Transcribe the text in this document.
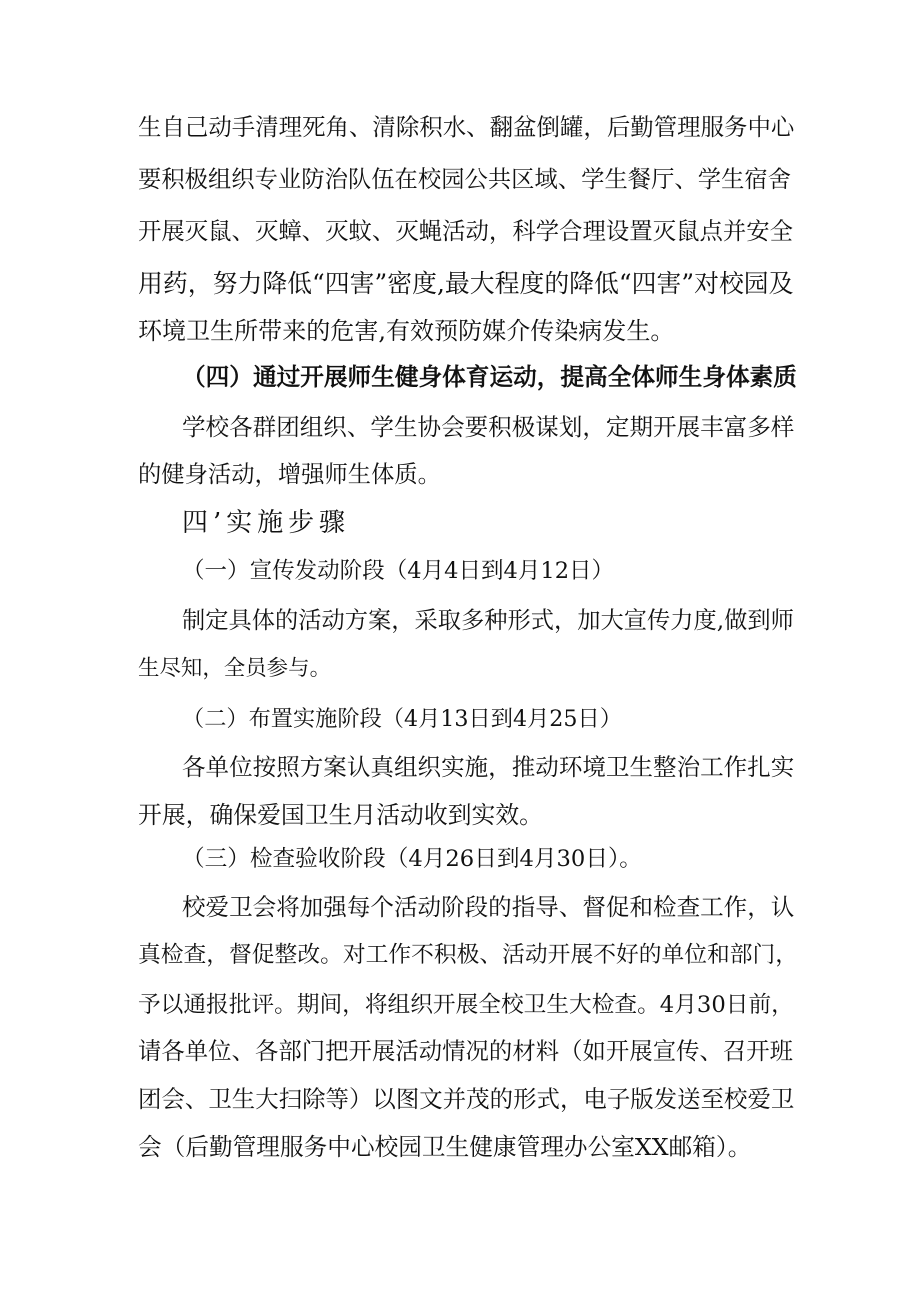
生自己动手清理死角、清除积水、翻盆倒罐，后勤管理服务中心
要积极组织专业防治队伍在校园公共区域、学生餐厅、学生宿舍
开展灭鼠、灭蟑、灭蚊、灭蝇活动，科学合理设置灭鼠点并安全
用药，努力降低“四害”密度,最大程度的降低“四害”对校园及
环境卫生所带来的危害,有效预防媒介传染病发生。
（四）通过开展师生健身体育运动，提高全体师生身体素质
学校各群团组织、学生协会要积极谋划，定期开展丰富多样
的健身活动，增强师生体质。
四’实施步骤
（一）宣传发动阶段（4月4日到4月12日）
制定具体的活动方案，采取多种形式，加大宣传力度,做到师
生尽知，全员参与。
（二）布置实施阶段（4月13日到4月25日）
各单位按照方案认真组织实施，推动环境卫生整治工作扎实
开展，确保爱国卫生月活动收到实效。
（三）检查验收阶段（4月26日到4月30日）。
校爱卫会将加强每个活动阶段的指导、督促和检查工作，认
真检查，督促整改。对工作不积极、活动开展不好的单位和部门，
予以通报批评。期间，将组织开展全校卫生大检查。4月30日前，
请各单位、各部门把开展活动情况的材料（如开展宣传、召开班
团会、卫生大扫除等）以图文并茂的形式，电子版发送至校爱卫
会（后勤管理服务中心校园卫生健康管理办公室XX邮箱）。
